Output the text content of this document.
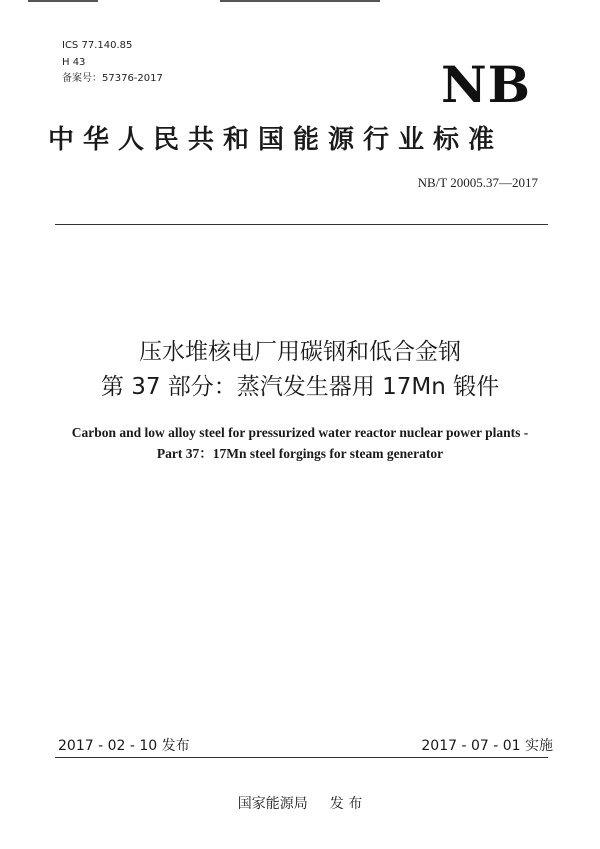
ICS 77.140.85
H 43
备案号：57376-2017	NB
中华人民共和国能源行业标准
NB/T 20005.37—2017
压水堆核电厂用碳钢和低合金钢
第 37 部分：蒸汽发生器用 17Mn 锻件
Carbon and low alloy steel for pressurized water reactor nuclear power plants -
Part 37：17Mn steel forgings for steam generator
2017 - 02 - 10 发布	2017 - 07 - 01 实施
国家能源局 发 布
